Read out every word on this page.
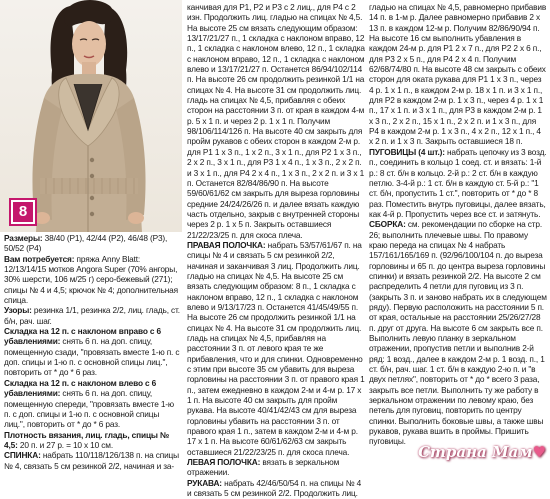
8

Размеры: 38/40 (Р1), 42/44 (Р2), 46/48 (Р3), 50/52 (Р4)

Вам потребуется: пряжа Anny Blatt: 12/13/14/15 мотков Angora Super (70% ангоры, 30% шерсти, 106 м/25 г) серо-бежевый (271); спицы № 4 и 4,5; крючок № 4; дополнительная спица.

Узоры: резинка 1/1, резинка 2/2, лиц. гладь, ст. б/н, рач. шаг.

Складка на 12 п. с наклоном вправо с 6 убавлениями: снять 6 п. на доп. спицу, помещенную сзади, "провязать вместе 1-ю п. с доп. спицы и 1-ю п. с основной спицы лиц.", повторить от * до * 6 раз.

Складка на 12 п. с наклоном влево с 6 убавлениями: снять 6 п. на доп. спицу, помещенную спереди, "провязать вместе 1-ю п. с доп. спицы и 1-ю п. с основной спицы лиц.", повторить от * до * 6 раз.

Плотность вязания, лиц. гладь, спицы № 4,5: 20 п. и 27 р. = 10 х 10 см.

СПИНКА: набрать 110/118/126/138 п. на спицы № 4, связать 5 см резинкой 2/2, начиная и за-

канчивая для Р1, Р2 и Р3 с 2 лиц., для Р4 с 2 изн. Продолжить лиц. гладью на спицах № 4,5. На высоте 25 см вязать следующим образом: 13/17/21/27 п., 1 складка с наклоном вправо, 12 п., 1 складка с наклоном влево, 12 п., 1 складка с наклоном вправо, 12 п., 1 складка с наклоном влево и 13/17/21/27 п. Останется 86/94/102/114 п. На высоте 26 см продолжить резинкой 1/1 на спицах № 4. На высоте 31 см продолжить лиц. гладь на спицах № 4,5, прибавляя с обеих сторон на расстоянии 3 п. от края в каждом 4-м р. 5 х 1 п. и через 2 р. 1 х 1 п. Получим 98/106/114/126 п. На высоте 40 см закрыть для пройм рукавов с обеих сторон в каждом 2-м р. для Р1 1 х 3 п., 1 х 2 п., 3 х 1 п., для Р2 1 х 3 п., 2 х 2 п., 3 х 1 п., для Р3 1 х 4 п., 1 х 3 п., 2 х 2 п. и 3 х 1 п., для Р4 2 х 4 п., 1 х 3 п., 2 х 2 п. и 3 х 1 п. Останется 82/84/86/90 п. На высоте 59/60/61/62 см закрыть для выреза горловины средние 24/24/26/26 п. и далее вязать каждую часть отдельно, закрыв с внутренней стороны через 2 р. 1 х 5 п. Закрыть оставшиеся 21/22/23/25 п. для скоса плеча.

ПРАВАЯ ПОЛОЧКА: набрать 53/57/61/67 п. на спицы № 4 и связать 5 см резинкой 2/2, начиная и заканчивая 3 лиц. Продолжить лиц. гладью на спицах № 4,5. На высоте 25 см вязать следующим образом: 8 п., 1 складка с наклоном вправо, 12 п., 1 складка с наклоном влево и 9/13/17/23 п. Останется 41/45/49/55 п. На высоте 26 см продолжить резинкой 1/1 на спицах № 4. На высоте 31 см продолжить лиц. гладь на спицах № 4,5, прибавляя на расстоянии 3 п. от левого края те же прибавления, что и для спинки. Одновременно с этим при высоте 35 см убавить для выреза горловины на расстоянии 3 п. от правого края 1 п., затем ежедневно в каждом 2-м и 4-м р. 17 х 1 п. На высоте 40 см закрыть для пройм рукава. На высоте 40/41/42/43 см для выреза горловины убавить на расстоянии 3 п. от правого края 1 п., затем в каждом 2-м и 4-м р. 17 х 1 п. На высоте 60/61/62/63 см закрыть оставшиеся 21/22/23/25 п. для скоса плеча.

ЛЕВАЯ ПОЛОЧКА: вязать в зеркальном отражении.

РУКАВА: набрать 42/46/50/54 п. на спицы № 4 и связать 5 см резинкой 2/2. Продолжить лиц.

гладью на спицах № 4,5, равномерно прибавив 14 п. в 1-м р. Далее равномерно прибавив 2 х 13 п. в каждом 12-м р. Получим 82/86/90/94 п. На высоте 16 см выполнить убавления в каждом 24-м р. для Р1 2 х 7 п., для Р2 2 х 6 п., для Р3 2 х 5 п., для Р4 2 х 4 п. Получим 62/68/74/80 п. На высоте 48 см закрыть с обеих сторон для оката рукава для Р1 1 х 3 п., через 4 р. 1 х 1 п., в каждом 2-м р. 18 х 1 п. и 3 х 1 п., для Р2 в каждом 2-м р. 1 х 3 п., через 4 р. 1 х 1 п., 17 х 1 п. и 3 х 1 п., для Р3 в каждом 2-м р. 1 х 3 п., 2 х 2 п., 15 х 1 п., 2 х 2 п. и 1 х 3 п., для Р4 в каждом 2-м р. 1 х 3 п., 4 х 2 п., 12 х 1 п., 4 х 2 п. и 1 х 3 п. Закрыть оставшиеся 18 п.

ПУГОВИЦЫ (4 шт.): набрать цепочку из 3 возд. п., соединить в кольцо 1 соед. ст. и вязать: 1-й р.: 8 ст. б/н в кольцо. 2-й р.: 2 ст. б/н в каждую петлю. 3-4-й р.: 1 ст. б/н в каждую ст. 5-й р.: "1 ст. б/н, пропустить 1 ст.", повторить от * до * 8 раз. Поместить внутрь пуговицы, далее вязать, как 4-й р. Пропустить через все ст. и затянуть.

СБОРКА: см. рекомендации по сборке на стр. 26; выполнить плечевые швы. По правому краю переда на спицах № 4 набрать 157/161/165/169 п. (92/96/100/104 п. до выреза горловины и 65 п. до центра выреза горловины спинки) и вязать резинкой 2/2. На высоте 2 см распределить 4 петли для пуговиц из 3 п. (закрыть 3 п. и заново набрать их в следующем ряду). Первую расположить на расстоянии 5 п. от края, остальные на расстоянии 25/26/27/28 п. друг от друга. На высоте 6 см закрыть все п. Выполнить левую планку в зеркальном отражении, пропустив петли и выполнив 2-й ряд: 1 возд., далее в каждом 2-м р. 1 возд. п., 1 ст. б/н, рач. шаг. 1 ст. б/н в каждую 2-ю п. и "в двух петлях", повторить от * до * всего 3 раза, закрыть все петли. Выполнить ту же работу в зеркальном отражении по левому краю, без петель для пуговиц, повторить по центру спинки. Выполнить боковые швы, а также швы рукавов, рукава вшить в проймы. Пришить пуговицы.

Страна Мам♥
